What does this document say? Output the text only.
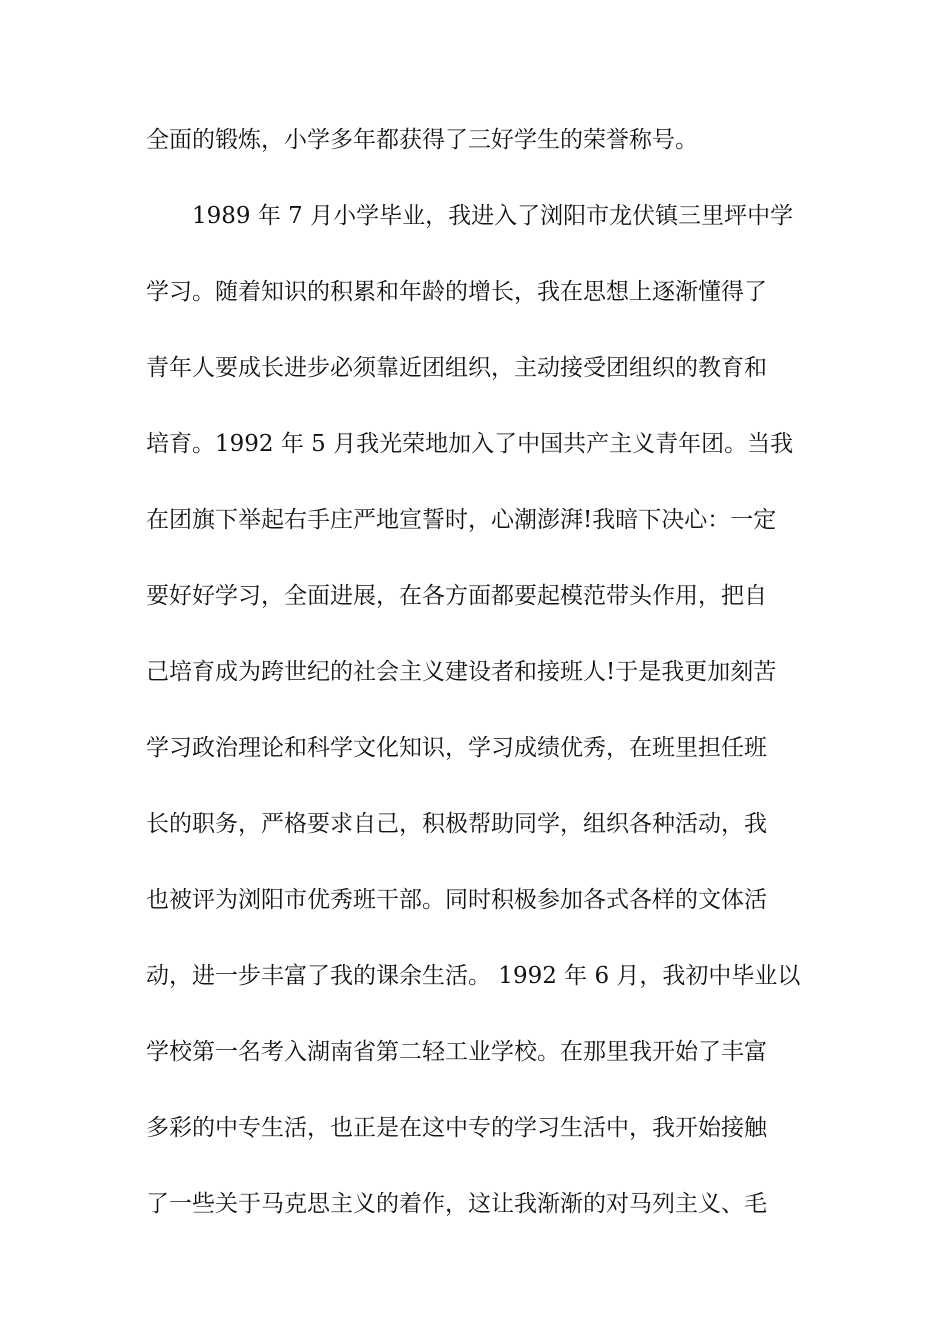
全面的锻炼，小学多年都获得了三好学生的荣誉称号。

1989 年 7 月小学毕业，我进入了浏阳市龙伏镇三里坪中学

学习。随着知识的积累和年龄的增长，我在思想上逐渐懂得了

青年人要成长进步必须靠近团组织，主动接受团组织的教育和

培育。1992 年 5 月我光荣地加入了中国共产主义青年团。当我

在团旗下举起右手庄严地宣誓时，心潮澎湃!我暗下决心：一定

要好好学习，全面进展，在各方面都要起模范带头作用，把自

己培育成为跨世纪的社会主义建设者和接班人!于是我更加刻苦

学习政治理论和科学文化知识，学习成绩优秀，在班里担任班

长的职务，严格要求自己，积极帮助同学，组织各种活动，我

也被评为浏阳市优秀班干部。同时积极参加各式各样的文体活

动，进一步丰富了我的课余生活。 1992 年 6 月，我初中毕业以

学校第一名考入湖南省第二轻工业学校。在那里我开始了丰富

多彩的中专生活，也正是在这中专的学习生活中，我开始接触

了一些关于马克思主义的着作，这让我渐渐的对马列主义、毛
